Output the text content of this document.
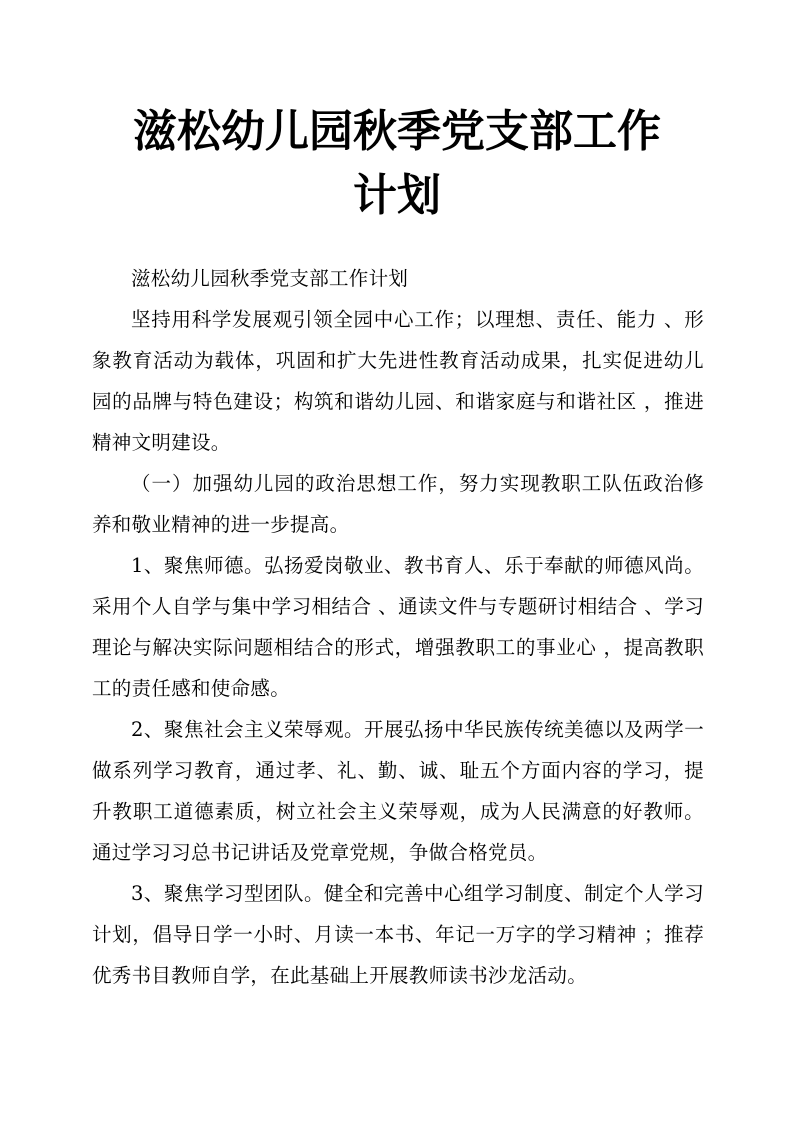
滋松幼儿园秋季党支部工作
计划

滋松幼儿园秋季党支部工作计划

坚持用科学发展观引领全园中心工作；以理想、责任、能力 、形象教育活动为载体，巩固和扩大先进性教育活动成果，扎实促进幼儿园的品牌与特色建设；构筑和谐幼儿园、和谐家庭与和谐社区 ，推进精神文明建设。

（一）加强幼儿园的政治思想工作，努力实现教职工队伍政治修养和敬业精神的进一步提高。

1、聚焦师德。弘扬爱岗敬业、教书育人、乐于奉献的师德风尚。采用个人自学与集中学习相结合 、通读文件与专题研讨相结合 、学习理论与解决实际问题相结合的形式，增强教职工的事业心 ，提高教职工的责任感和使命感。

2、聚焦社会主义荣辱观。开展弘扬中华民族传统美德以及两学一做系列学习教育，通过孝、礼、勤、诚、耻五个方面内容的学习，提升教职工道德素质，树立社会主义荣辱观，成为人民满意的好教师。通过学习习总书记讲话及党章党规，争做合格党员。

3、聚焦学习型团队。健全和完善中心组学习制度、制定个人学习计划，倡导日学一小时、月读一本书、年记一万字的学习精神 ；推荐优秀书目教师自学，在此基础上开展教师读书沙龙活动。
